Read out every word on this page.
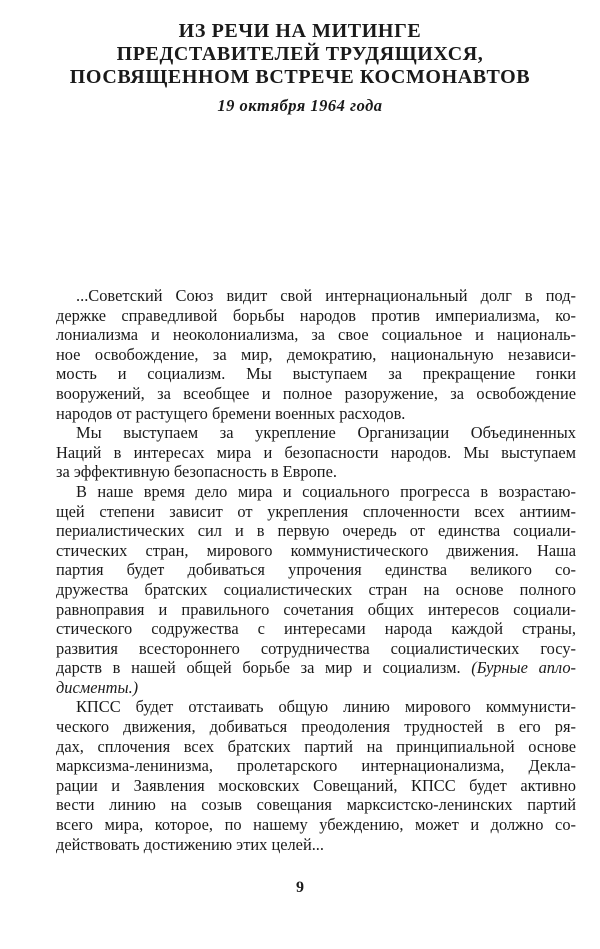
ИЗ РЕЧИ НА МИТИНГЕ
ПРЕДСТАВИТЕЛЕЙ ТРУДЯЩИХСЯ,
ПОСВЯЩЕННОМ ВСТРЕЧЕ КОСМОНАВТОВ
19 октября 1964 года
...Советский Союз видит свой интернациональный долг в под-
держке справедливой борьбы народов против империализма, ко-
лониализма и неоколониализма, за свое социальное и националь-
ное освобождение, за мир, демократию, национальную независи-
мость и социализм. Мы выступаем за прекращение гонки
вооружений, за всеобщее и полное разоружение, за освобождение
народов от растущего бремени военных расходов.
Мы выступаем за укрепление Организации Объединенных
Наций в интересах мира и безопасности народов. Мы выступаем
за эффективную безопасность в Европе.
В наше время дело мира и социального прогресса в возрастаю-
щей степени зависит от укрепления сплоченности всех антиим-
периалистических сил и в первую очередь от единства социали-
стических стран, мирового коммунистического движения. Наша
партия будет добиваться упрочения единства великого со-
дружества братских социалистических стран на основе полного
равноправия и правильного сочетания общих интересов социали-
стического содружества с интересами народа каждой страны,
развития всестороннего сотрудничества социалистических госу-
дарств в нашей общей борьбе за мир и социализм. (Бурные апло-
дисменты.)
КПСС будет отстаивать общую линию мирового коммунисти-
ческого движения, добиваться преодоления трудностей в его ря-
дах, сплочения всех братских партий на принципиальной основе
марксизма-ленинизма, пролетарского интернационализма, Декла-
рации и Заявления московских Совещаний, КПСС будет активно
вести линию на созыв совещания марксистско-ленинских партий
всего мира, которое, по нашему убеждению, может и должно со-
действовать достижению этих целей...
9
